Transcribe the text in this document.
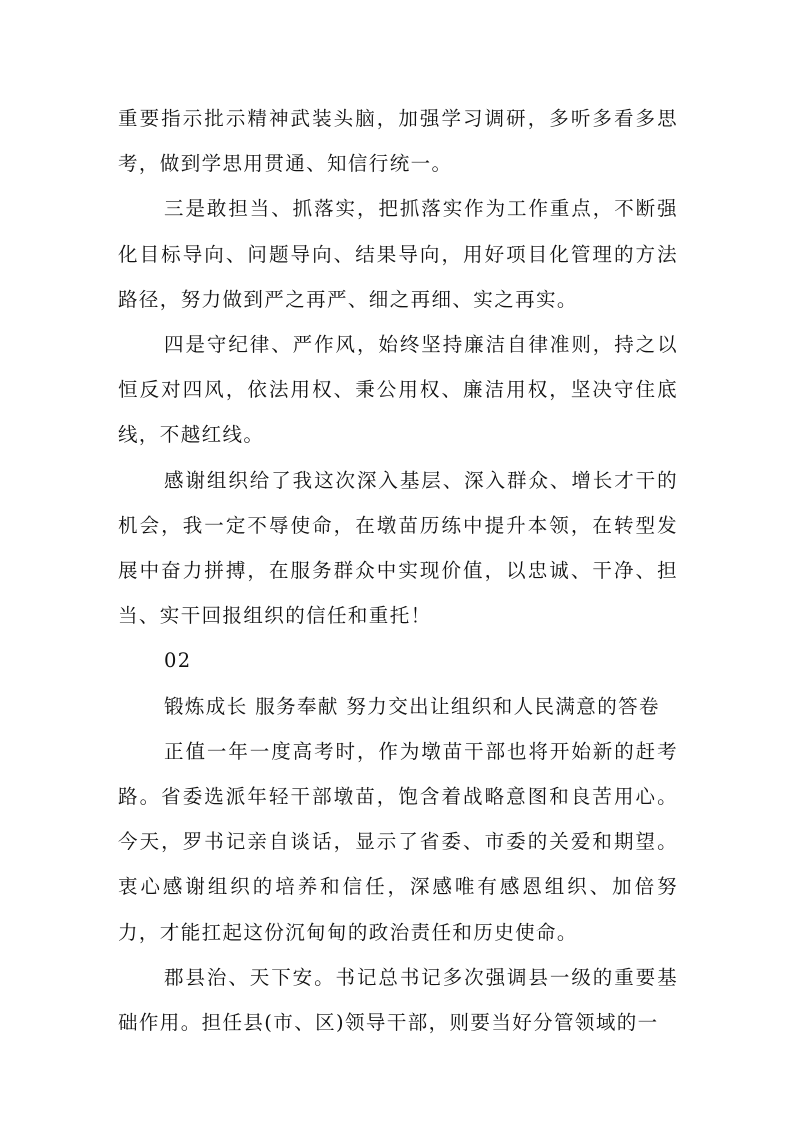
重要指示批示精神武装头脑，加强学习调研，多听多看多思考，做到学思用贯通、知信行统一。

三是敢担当、抓落实，把抓落实作为工作重点，不断强化目标导向、问题导向、结果导向，用好项目化管理的方法路径，努力做到严之再严、细之再细、实之再实。

四是守纪律、严作风，始终坚持廉洁自律准则，持之以恒反对四风，依法用权、秉公用权、廉洁用权，坚决守住底线，不越红线。

感谢组织给了我这次深入基层、深入群众、增长才干的机会，我一定不辱使命，在墩苗历练中提升本领，在转型发展中奋力拼搏，在服务群众中实现价值，以忠诚、干净、担当、实干回报组织的信任和重托！

02

锻炼成长 服务奉献 努力交出让组织和人民满意的答卷

正值一年一度高考时，作为墩苗干部也将开始新的赶考路。省委选派年轻干部墩苗，饱含着战略意图和良苦用心。今天，罗书记亲自谈话，显示了省委、市委的关爱和期望。衷心感谢组织的培养和信任，深感唯有感恩组织、加倍努力，才能扛起这份沉甸甸的政治责任和历史使命。

郡县治、天下安。书记总书记多次强调县一级的重要基础作用。担任县(市、区)领导干部，则要当好分管领域的一
